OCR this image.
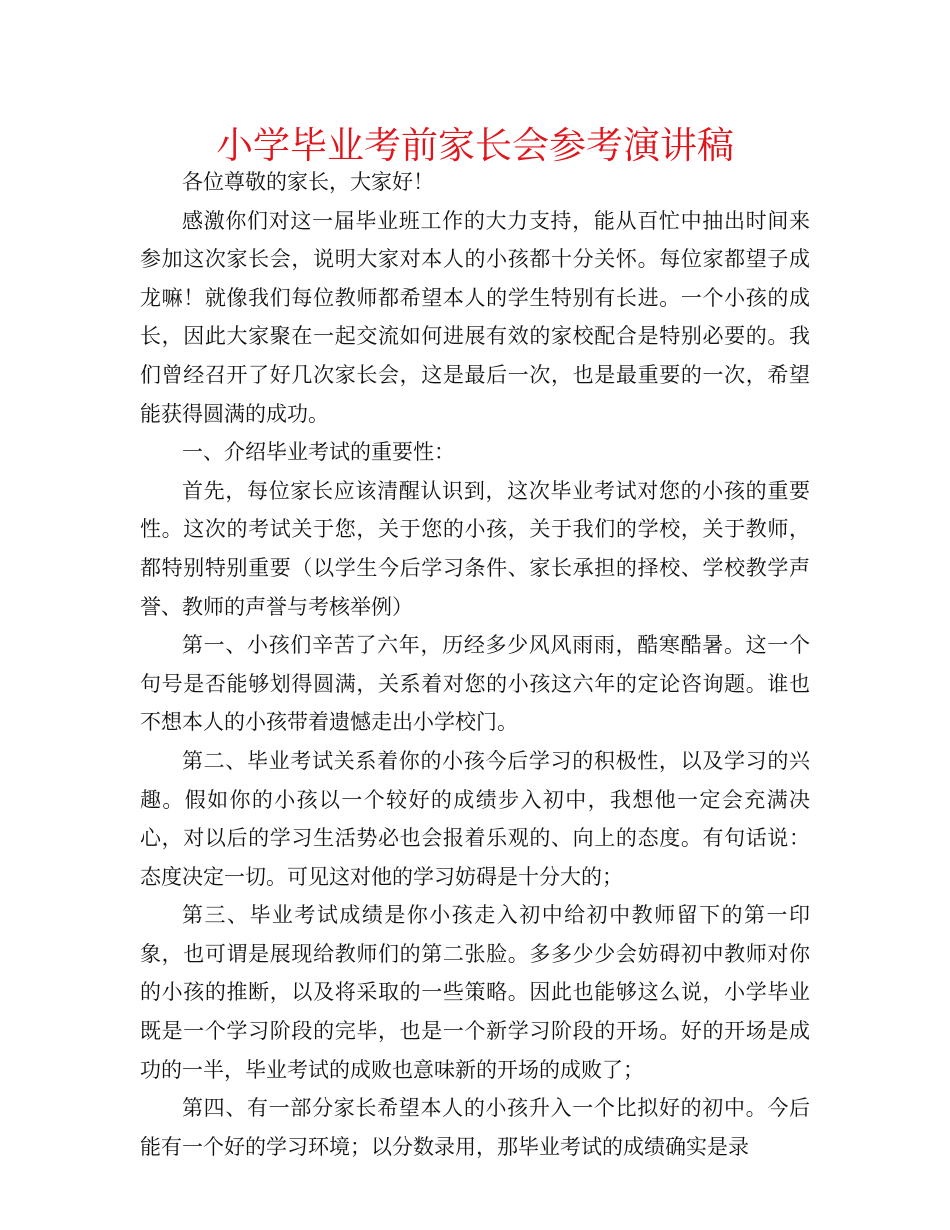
小学毕业考前家长会参考演讲稿

各位尊敬的家长，大家好！

感激你们对这一届毕业班工作的大力支持，能从百忙中抽出时间来参加这次家长会，说明大家对本人的小孩都十分关怀。每位家都望子成龙嘛！就像我们每位教师都希望本人的学生特别有长进。一个小孩的成长，因此大家聚在一起交流如何进展有效的家校配合是特别必要的。我们曾经召开了好几次家长会，这是最后一次，也是最重要的一次，希望能获得圆满的成功。

一、介绍毕业考试的重要性：

首先，每位家长应该清醒认识到，这次毕业考试对您的小孩的重要性。这次的考试关于您，关于您的小孩，关于我们的学校，关于教师，都特别特别重要（以学生今后学习条件、家长承担的择校、学校教学声誉、教师的声誉与考核举例）

第一、小孩们辛苦了六年，历经多少风风雨雨，酷寒酷暑。这一个句号是否能够划得圆满，关系着对您的小孩这六年的定论咨询题。谁也不想本人的小孩带着遗憾走出小学校门。

第二、毕业考试关系着你的小孩今后学习的积极性，以及学习的兴趣。假如你的小孩以一个较好的成绩步入初中，我想他一定会充满决心，对以后的学习生活势必也会报着乐观的、向上的态度。有句话说：态度决定一切。可见这对他的学习妨碍是十分大的；

第三、毕业考试成绩是你小孩走入初中给初中教师留下的第一印象，也可谓是展现给教师们的第二张脸。多多少少会妨碍初中教师对你的小孩的推断，以及将采取的一些策略。因此也能够这么说，小学毕业既是一个学习阶段的完毕，也是一个新学习阶段的开场。好的开场是成功的一半，毕业考试的成败也意味新的开场的成败了；

第四、有一部分家长希望本人的小孩升入一个比拟好的初中。今后能有一个好的学习环境；以分数录用，那毕业考试的成绩确实是录
